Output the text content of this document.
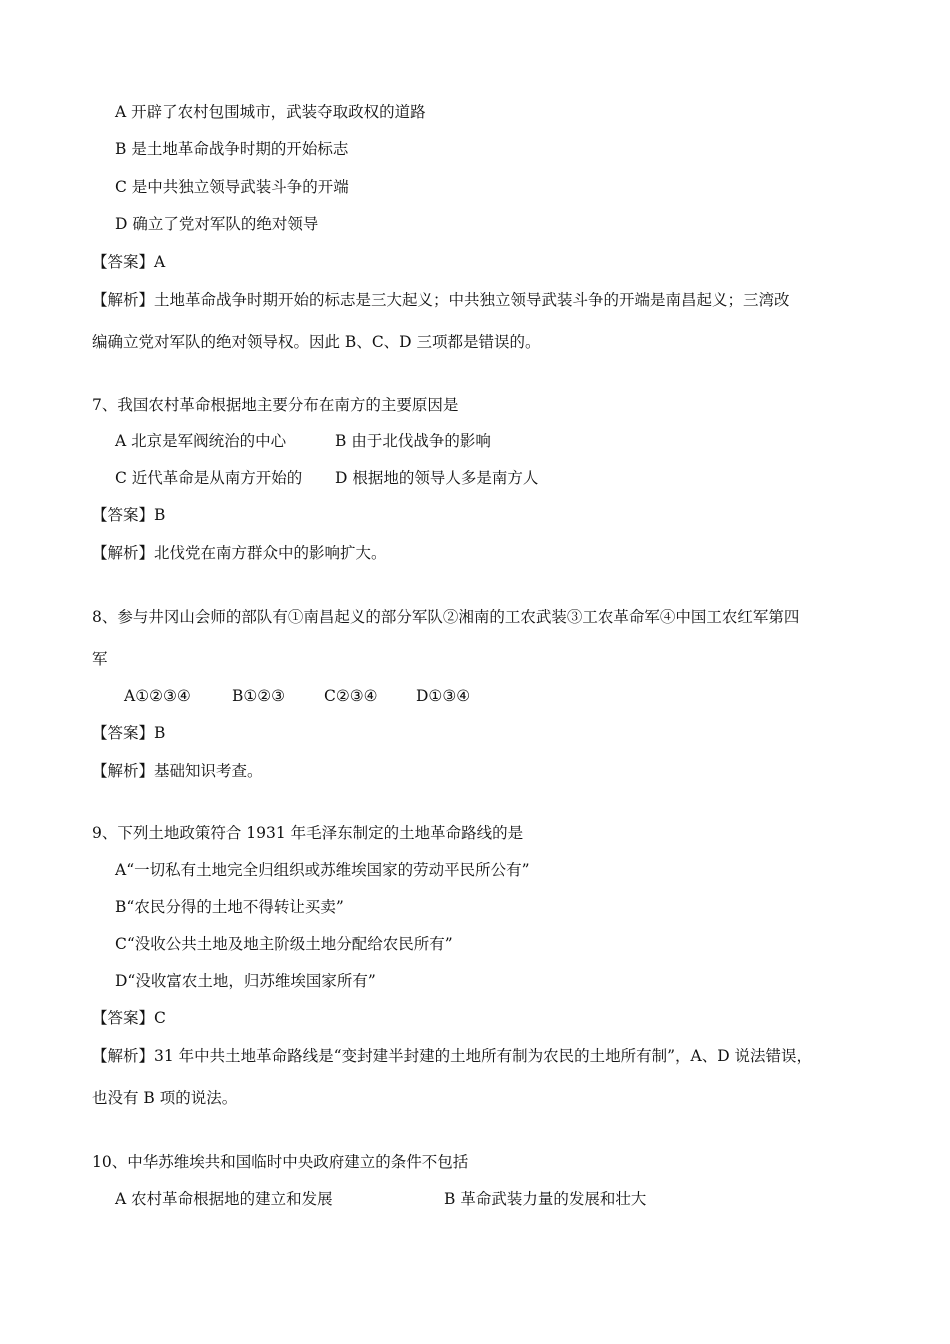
A 开辟了农村包围城市，武装夺取政权的道路
B 是土地革命战争时期的开始标志
C 是中共独立领导武装斗争的开端
D 确立了党对军队的绝对领导
【答案】A
【解析】土地革命战争时期开始的标志是三大起义；中共独立领导武装斗争的开端是南昌起义；三湾改
编确立党对军队的绝对领导权。因此 B、C、D 三项都是错误的。
7、我国农村革命根据地主要分布在南方的主要原因是
A 北京是军阀统治的中心	B 由于北伐战争的影响
C 近代革命是从南方开始的 D 根据地的领导人多是南方人
【答案】B
【解析】北伐党在南方群众中的影响扩大。
8、参与井冈山会师的部队有①南昌起义的部分军队②湘南的工农武装③工农革命军④中国工农红军第四
军
A①②③④	B①②③	C②③④ D①③④
【答案】B
【解析】基础知识考查。
9、下列土地政策符合 1931 年毛泽东制定的土地革命路线的是
A“一切私有土地完全归组织或苏维埃国家的劳动平民所公有”
B“农民分得的土地不得转让买卖”
C“没收公共土地及地主阶级土地分配给农民所有”
D“没收富农土地，归苏维埃国家所有”
【答案】C
【解析】31 年中共土地革命路线是“变封建半封建的土地所有制为农民的土地所有制”，A、D 说法错误，
也没有 B 项的说法。
10、中华苏维埃共和国临时中央政府建立的条件不包括
A 农村革命根据地的建立和发展	B 革命武装力量的发展和壮大
